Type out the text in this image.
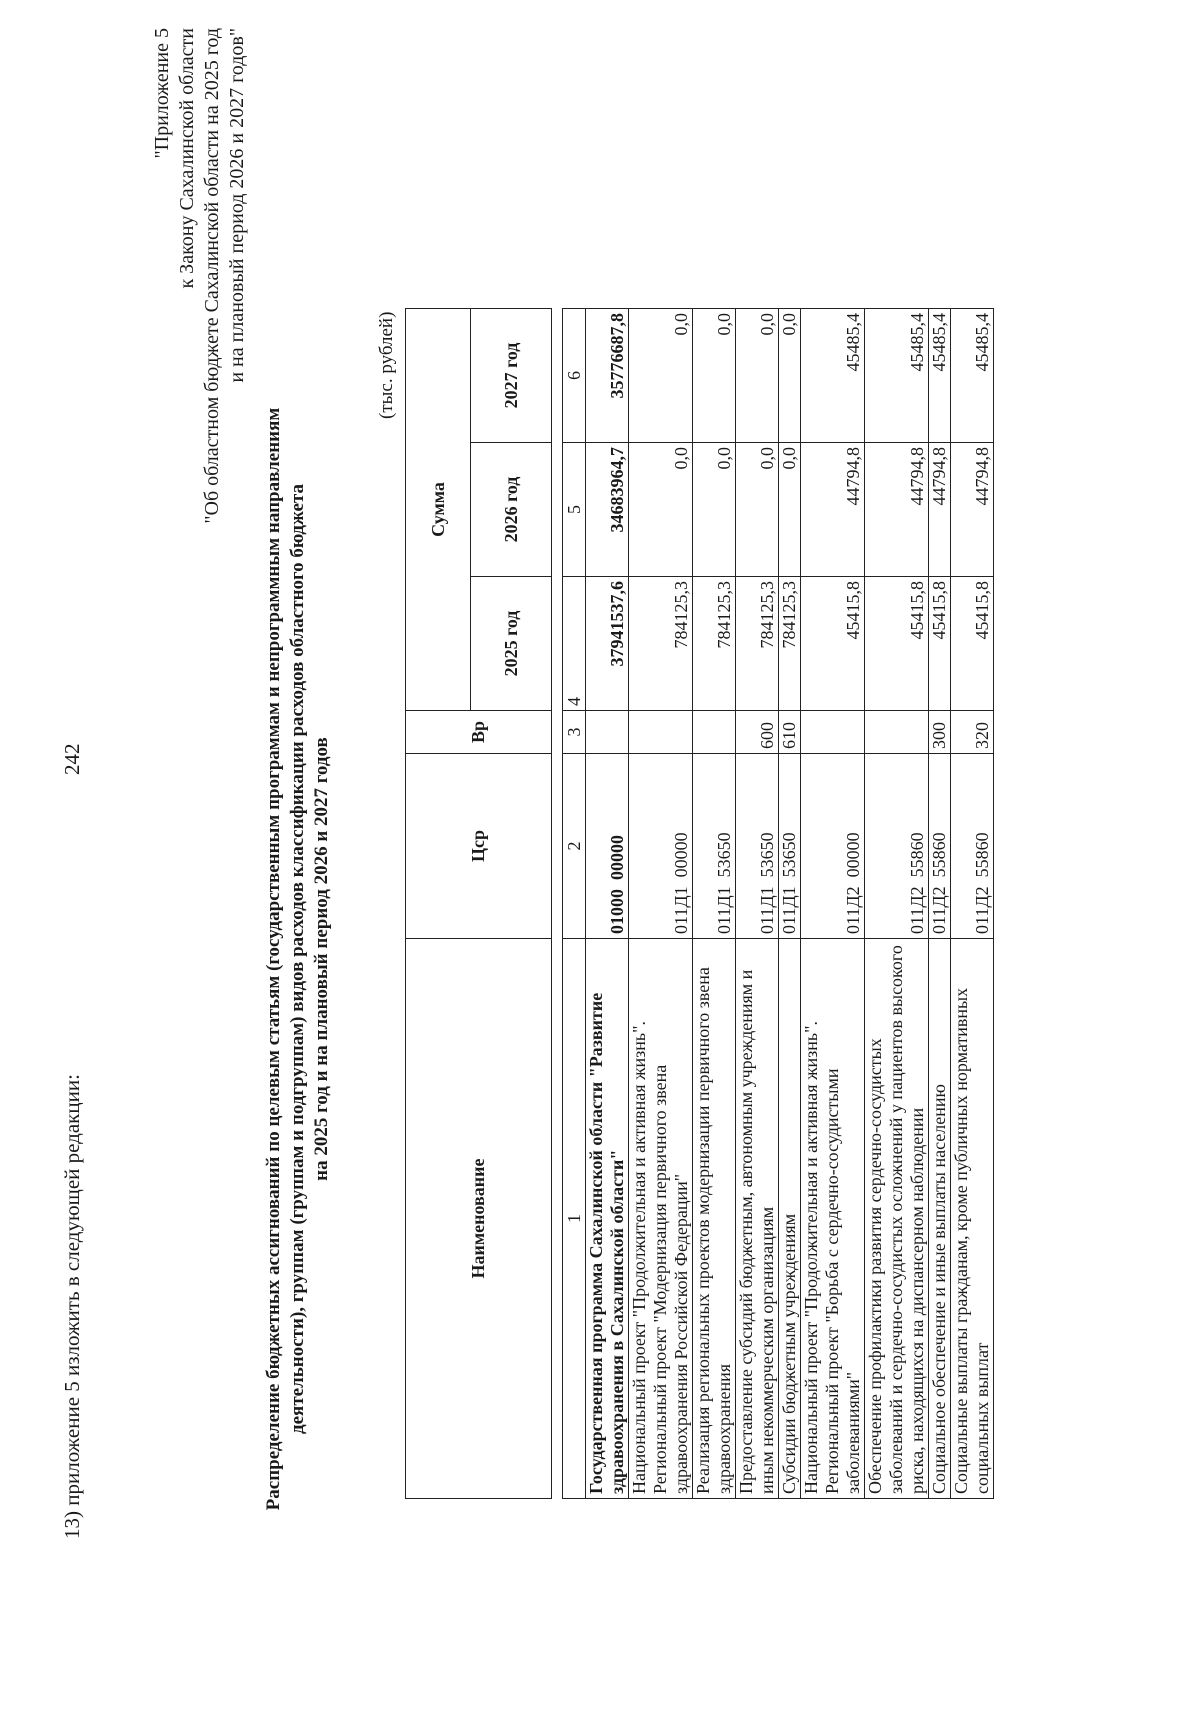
13) приложение 5 изложить в следующей редакции:
242
"Приложение 5 к Закону Сахалинской области "Об областном бюджете Сахалинской области на 2025 год и на плановый период 2026 и 2027 годов"
Распределение бюджетных ассигнований по целевым статьям (государственным программам и непрограммным направлениям деятельности), группам (группам и подгруппам) видов расходов классификации расходов областного бюджета на 2025 год и на плановый период 2026 и 2027 годов
(тыс. рублей)
Наименование	Цср	Вр	Сумма		
			2025 год	2026 год	2027 год

1	2	3	4	5	6
Государственная программа Сахалинской области "Развитие здравоохранения в Сахалинской области"	01000  00000		37941537,6	34683964,7	35776687,8
Национальный проект "Продолжительная и активная жизнь". Региональный проект "Модернизация первичного звена здравоохранения Российской Федерации"	011Д1  00000		784125,3	0,0	0,0
Реализация региональных проектов модернизации первичного звена здравоохранения	011Д1  53650		784125,3	0,0	0,0
Предоставление субсидий бюджетным, автономным учреждениям и иным некоммерческим организациям	011Д1  53650	600	784125,3	0,0	0,0
Субсидии бюджетным учреждениям	011Д1  53650	610	784125,3	0,0	0,0
Национальный проект "Продолжительная и активная жизнь". Региональный проект "Борьба с сердечно-сосудистыми заболеваниями"	011Д2  00000		45415,8	44794,8	45485,4
Обеспечение профилактики развития сердечно-сосудистых заболеваний и сердечно-сосудистых осложнений у пациентов высокого риска, находящихся на диспансерном наблюдении	011Д2  55860		45415,8	44794,8	45485,4
Социальное обеспечение и иные выплаты населению	011Д2  55860	300	45415,8	44794,8	45485,4
Социальные выплаты гражданам, кроме публичных нормативных социальных выплат	011Д2  55860	320	45415,8	44794,8	45485,4
